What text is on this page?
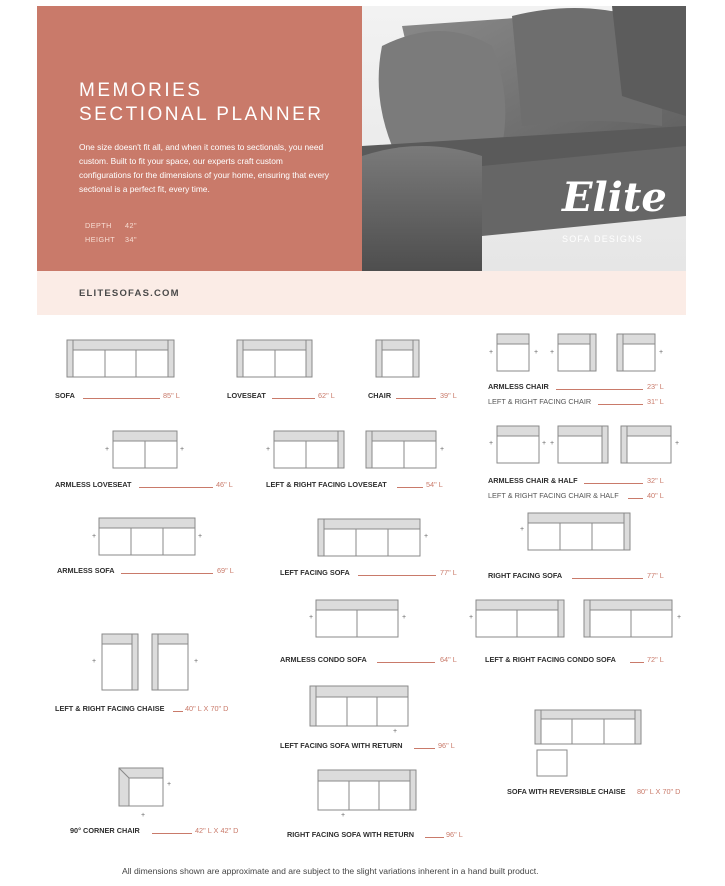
MEMORIES
SECTIONAL PLANNER
One size doesn't fit all, and when it comes to sectionals, you need custom. Built to fit your space, our experts craft custom configurations for the dimensions of your home, ensuring that every sectional is a perfect fit, every time.
DEPTH 42"
HEIGHT 34"
Elite
SOFA DESIGNS
ELITESOFAS.COM
SOFA	85" L	LOVESEAT	62" L	CHAIR	39" L
+	+ +	+
ARMLESS CHAIR	23" L
LEFT & RIGHT FACING CHAIR	31" L
+	+
ARMLESS LOVESEAT	46" L
+	+
LEFT & RIGHT FACING LOVESEAT	54" L
+	+ +	+
ARMLESS CHAIR & HALF	32" L
LEFT & RIGHT FACING CHAIR & HALF	40" L
+	+
ARMLESS SOFA	69" L
+
LEFT FACING SOFA	77" L
+
RIGHT FACING SOFA	77" L
+	+
ARMLESS CONDO SOFA	64" L
+	+
LEFT & RIGHT FACING CONDO SOFA	72" L
+	+
LEFT & RIGHT FACING CHAISE	40" L X 70" D
+
LEFT FACING SOFA WITH RETURN	96" L
SOFA WITH REVERSIBLE CHAISE 80" L X 70" D
+
+
90° CORNER CHAIR	42" L X 42" D
+
RIGHT FACING SOFA WITH RETURN	96" L
All dimensions shown are approximate and are subject to the slight variations inherent in a hand built product.
